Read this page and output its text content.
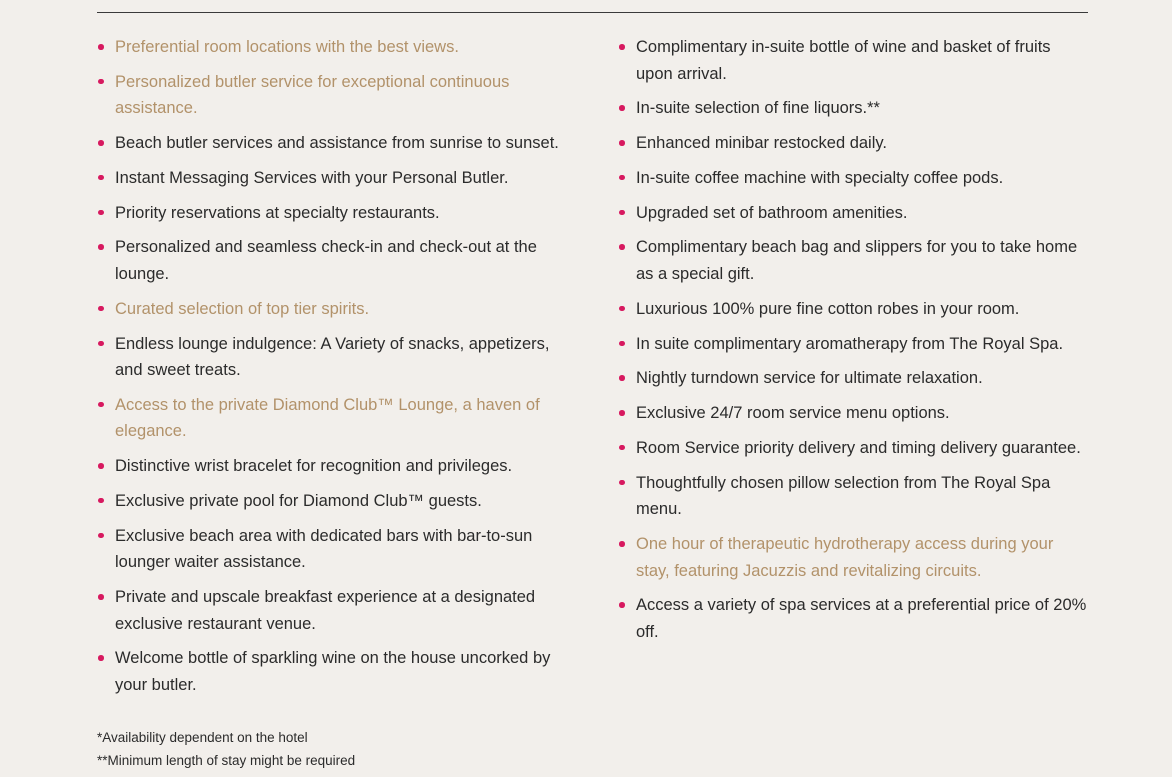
Preferential room locations with the best views.
Personalized butler service for exceptional continuous assistance.
Beach butler services and assistance from sunrise to sunset.
Instant Messaging Services with your Personal Butler.
Priority reservations at specialty restaurants.
Personalized and seamless check-in and check-out at the lounge.
Curated selection of top tier spirits.
Endless lounge indulgence: A Variety of snacks, appetizers, and sweet treats.
Access to the private Diamond Club™ Lounge, a haven of elegance.
Distinctive wrist bracelet for recognition and privileges.
Exclusive private pool for Diamond Club™ guests.
Exclusive beach area with dedicated bars with bar-to-sun lounger waiter assistance.
Private and upscale breakfast experience at a designated exclusive restaurant venue.
Welcome bottle of sparkling wine on the house uncorked by your butler.
Complimentary in-suite bottle of wine and basket of fruits upon arrival.
In-suite selection of fine liquors.**
Enhanced minibar restocked daily.
In-suite coffee machine with specialty coffee pods.
Upgraded set of bathroom amenities.
Complimentary beach bag and slippers for you to take home as a special gift.
Luxurious 100% pure fine cotton robes in your room.
In suite complimentary aromatherapy from The Royal Spa.
Nightly turndown service for ultimate relaxation.
Exclusive 24/7 room service menu options.
Room Service priority delivery and timing delivery guarantee.
Thoughtfully chosen pillow selection from The Royal Spa menu.
One hour of therapeutic hydrotherapy access during your stay, featuring Jacuzzis and revitalizing circuits.
Access a variety of spa services at a preferential price of 20% off.
*Availability dependent on the hotel
**Minimum length of stay might be required
